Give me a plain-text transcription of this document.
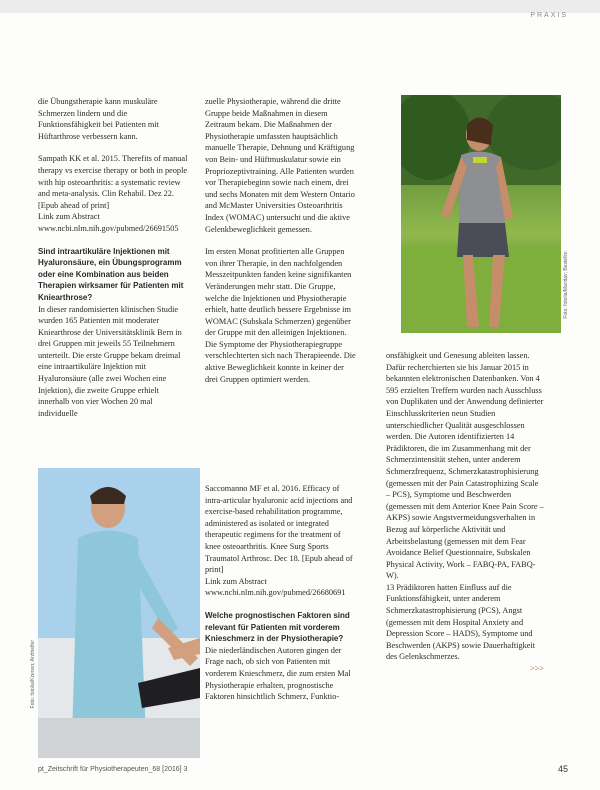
PRAXIS

die Übungstherapie kann muskuläre Schmerzen lindern und die Funktionsfähigkeit bei Patienten mit Hüftarthrose verbessern kann.

Sampath KK et al. 2015. Therefits of manual therapy vs exercise therapy or both in people with hip osteoarthritis: a systematic review and meta-analysis. Clin Rehabil. Dez 22. [Epub ahead of print]

Link zum Abstract www.ncbi.nlm.nih.gov/pubmed/26691505

Sind intraartikuläre Injektionen mit Hyaluronsäure, ein Übungsprogramm oder eine Kombination aus beiden Therapien wirksamer für Patienten mit Kniearthrose?

In dieser randomisierten klinischen Studie wurden 165 Patienten mit moderater Kniearthrose der Universitätsklinik Bern in drei Gruppen mit jeweils 55 Teilnehmern unterteilt. Die erste Gruppe bekam dreimal eine intraartikuläre Injektion mit Hyaluronsäure (alle zwei Wochen eine Injektion), die zweite Gruppe erhielt innerhalb von vier Wochen 20 mal individuelle

zuelle Physiotherapie, während die dritte Gruppe beide Maßnahmen in diesem Zeitraum bekam. Die Maßnahmen der Physiotherapie umfassten hauptsächlich manuelle Therapie, Dehnung und Kräftigung von Bein- und Hüftmuskulatur sowie ein Propriozeptivtraining. Alle Patienten wurden vor Therapiebeginn sowie nach einem, drei und sechs Monaten mit dem Western Ontario and McMaster Universities Osteoarthritis Index (WOMAC) untersucht und die aktive Gelenkbeweglichkeit gemessen.

Im ersten Monat profitierten alle Gruppen von ihrer Therapie, in den nachfolgenden Messzeitpunkten fanden keine signifikanten Veränderungen mehr statt. Die Gruppe, welche die Injektionen und Physiotherapie erhielt, hatte deutlich bessere Ergebnisse im WOMAC (Subskala Schmerzen) gegenüber der Gruppe mit den alleinigen Injektionen. Die Symptome der Physiotherapiegruppe verschlechterten sich nach Therapieende. Die aktive Beweglichkeit konnte in keiner der drei Gruppen optimiert werden.

Saccomanno MF et al. 2016. Efficacy of intra-articular hyaluronic acid injections and exercise-based rehabilitation programme, administered as isolated or integrated therapeutic regimens for the treatment of knee osteoarthritis. Knee Surg Sports Traumatol Arthrosc. Dec 18. [Epub ahead of print]

Link zum Abstract www.ncbi.nlm.nih.gov/pubmed/26680691

Welche prognostischen Faktoren sind relevant für Patienten mit vorderem Knieschmerz in der Physiotherapie?

Die niederländischen Autoren gingen der Frage nach, ob sich von Patienten mit vorderem Knieschmerz, die zum ersten Mal Physiotherapie erhalten, prognostische Faktoren hinsichtlich Schmerz, Funktio-

Foto: fotolia/Maridav; Bestellnr.
Foto: fotolia/Kzenon; Arzthelfer

onsfähigkeit und Genesung ableiten lassen. Dafür recherchierten sie bis Januar 2015 in bekannten elektronischen Datenbanken. Von 4 595 erzielten Treffern wurden nach Ausschluss von Duplikaten und der Anwendung definierter Einschlusskriterien neun Studien unterschiedlicher Qualität ausgeschlossen werden. Die Autoren identifizierten 14 Prädiktoren, die im Zusammenhang mit der Schmerzintensität stehen, unter anderem Schmerzfrequenz, Schmerzkatastrophisierung (gemessen mit der Pain Catastrophizing Scale – PCS), Symptome und Beschwerden (gemessen mit dem Anterior Knee Pain Score – AKPS) sowie Angstvermeidungsverhalten in Bezug auf körperliche Aktivität und Arbeitsbelastung (gemessen mit dem Fear Avoidance Belief Questionnaire, Subskalen Physical Activity, Work – FABQ-PA, FABQ-W).

13 Prädiktoren hatten Einfluss auf die Funktionsfähigkeit, unter anderem Schmerzkatastrophisierung (PCS), Angst (gemessen mit dem Hospital Anxiety and Depression Score – HADS), Symptome und Beschwerden (AKPS) sowie Dauerhaftigkeit des Gelenkschmerzes.

>>>

pt_Zeitschrift für Physiotherapeuten_68 [2016] 3	45
